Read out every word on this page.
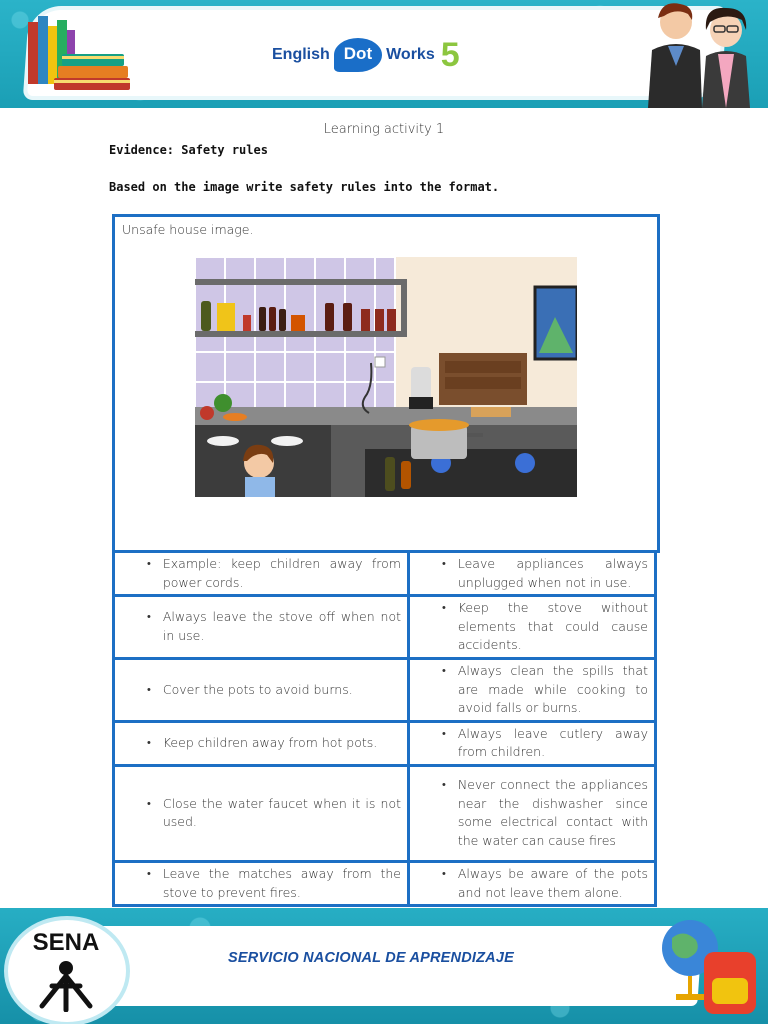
English Dot Works 5
Learning activity 1
Evidence: Safety rules
Based on the image write safety rules into the format.
Unsafe house image.
• Example: keep children away from power cords.	• Leave appliances always unplugged when not in use.

• Always leave the stove off when not in use.	• Keep the stove without elements that could cause accidents.

• Cover the pots to avoid burns.	• Always clean the spills that are made while cooking to avoid falls or burns.

• Keep children away from hot pots.	• Always leave cutlery away from children.

• Close the water faucet when it is not used.	• Never connect the appliances near the dishwasher since some electrical contact with the water can cause fires

• Leave the matches away from the stove to prevent fires.	• Always be aware of the pots and not leave them alone.
SENA
SERVICIO NACIONAL DE APRENDIZAJE
